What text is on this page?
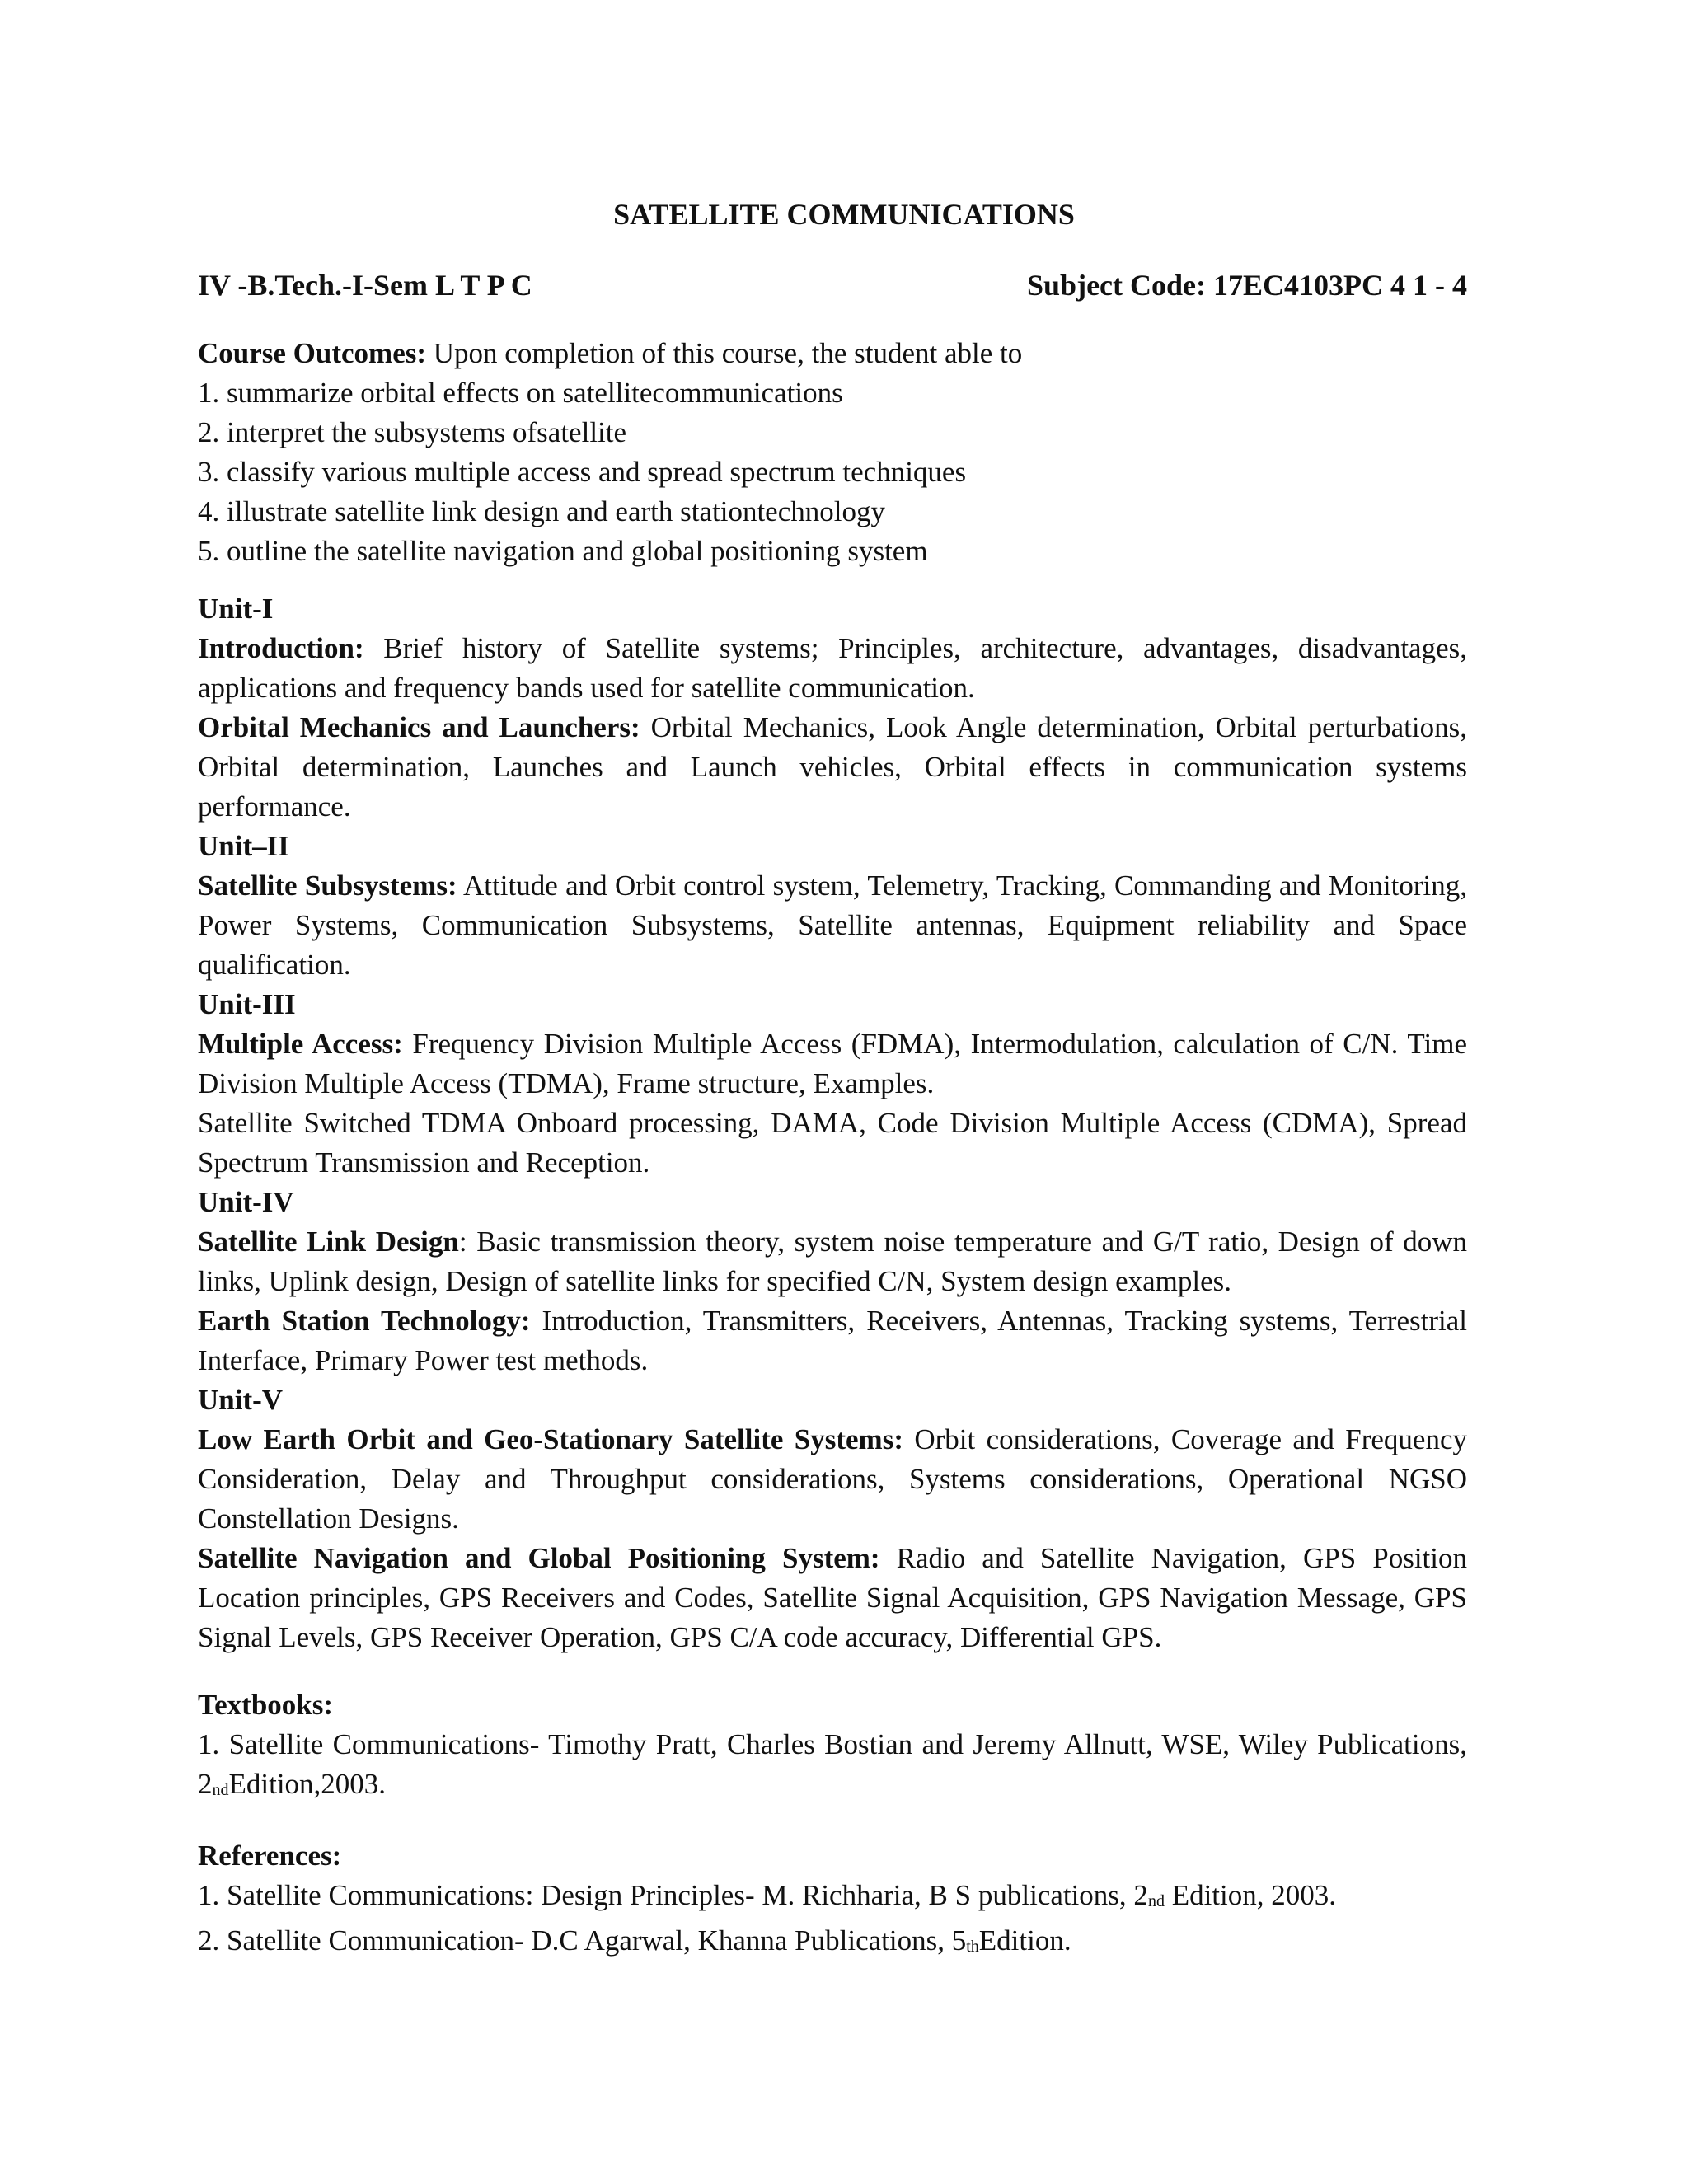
SATELLITE COMMUNICATIONS
IV -B.Tech.-I-Sem L T P C	Subject Code: 17EC4103PC 4 1 - 4

Course Outcomes: Upon completion of this course, the student able to

1. summarize orbital effects on satellitecommunications

2. interpret the subsystems ofsatellite

3. classify various multiple access and spread spectrum techniques

4. illustrate satellite link design and earth stationtechnology

5. outline the satellite navigation and global positioning system

Unit-I

Introduction: Brief history of Satellite systems; Principles, architecture, advantages, disadvantages, applications and frequency bands used for satellite communication.

Orbital Mechanics and Launchers: Orbital Mechanics, Look Angle determination, Orbital perturbations, Orbital determination, Launches and Launch vehicles, Orbital effects in communication systems performance.

Unit–II

Satellite Subsystems: Attitude and Orbit control system, Telemetry, Tracking, Commanding and Monitoring, Power Systems, Communication Subsystems, Satellite antennas, Equipment reliability and Space qualification.

Unit-III

Multiple Access: Frequency Division Multiple Access (FDMA), Intermodulation, calculation of C/N. Time Division Multiple Access (TDMA), Frame structure, Examples.

Satellite Switched TDMA Onboard processing, DAMA, Code Division Multiple Access (CDMA), Spread Spectrum Transmission and Reception.

Unit-IV

Satellite Link Design: Basic transmission theory, system noise temperature and G/T ratio, Design of down links, Uplink design, Design of satellite links for specified C/N, System design examples.

Earth Station Technology: Introduction, Transmitters, Receivers, Antennas, Tracking systems, Terrestrial Interface, Primary Power test methods.

Unit-V

Low Earth Orbit and Geo-Stationary Satellite Systems: Orbit considerations, Coverage and Frequency Consideration, Delay and Throughput considerations, Systems considerations, Operational NGSO Constellation Designs.

Satellite Navigation and Global Positioning System: Radio and Satellite Navigation, GPS Position Location principles, GPS Receivers and Codes, Satellite Signal Acquisition, GPS Navigation Message, GPS Signal Levels, GPS Receiver Operation, GPS C/A code accuracy, Differential GPS.

Textbooks:

1. Satellite Communications- Timothy Pratt, Charles Bostian and Jeremy Allnutt, WSE, Wiley Publications, $2_{nd}Edition,2003$.

References:

1. Satellite Communications: Design Principles- M. Richharia, B S publications, $2_{nd}$ Edition, 2003.

2. Satellite Communication- D.C Agarwal, Khanna Publications, $5_{th}Edition$.
